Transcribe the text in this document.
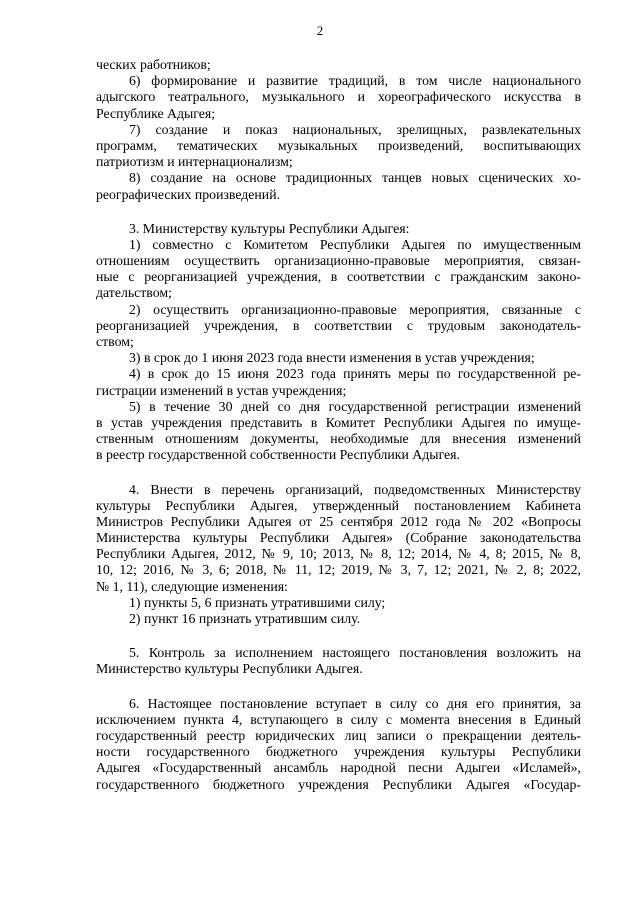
2
ческих работников;
6) формирование и развитие традиций, в том числе национального
адыгского театрального, музыкального и хореографического искусства в
Республике Адыгея;
7) создание и показ национальных, зрелищных, развлекательных
программ, тематических музыкальных произведений, воспитывающих
патриотизм и интернационализм;
8) создание на основе традиционных танцев новых сценических хо-
реографических произведений.
3. Министерству культуры Республики Адыгея:
1) совместно с Комитетом Республики Адыгея по имущественным
отношениям осуществить организационно-правовые мероприятия, связан-
ные с реорганизацией учреждения, в соответствии с гражданским законо-
дательством;
2) осуществить организационно-правовые мероприятия, связанные с
реорганизацией учреждения, в соответствии с трудовым законодатель-
ством;
3) в срок до 1 июня 2023 года внести изменения в устав учреждения;
4) в срок до 15 июня 2023 года принять меры по государственной ре-
гистрации изменений в устав учреждения;
5) в течение 30 дней со дня государственной регистрации изменений
в устав учреждения представить в Комитет Республики Адыгея по имуще-
ственным отношениям документы, необходимые для внесения изменений
в реестр государственной собственности Республики Адыгея.
4. Внести в перечень организаций, подведомственных Министерству
культуры Республики Адыгея, утвержденный постановлением Кабинета
Министров Республики Адыгея от 25 сентября 2012 года № 202 «Вопросы
Министерства культуры Республики Адыгея» (Собрание законодательства
Республики Адыгея, 2012, № 9, 10; 2013, № 8, 12; 2014, № 4, 8; 2015, № 8,
10, 12; 2016, № 3, 6; 2018, № 11, 12; 2019, № 3, 7, 12; 2021, № 2, 8; 2022,
№ 1, 11), следующие изменения:
1) пункты 5, 6 признать утратившими силу;
2) пункт 16 признать утратившим силу.
5. Контроль за исполнением настоящего постановления возложить на
Министерство культуры Республики Адыгея.
6. Настоящее постановление вступает в силу со дня его принятия, за
исключением пункта 4, вступающего в силу с момента внесения в Единый
государственный реестр юридических лиц записи о прекращении деятель-
ности государственного бюджетного учреждения культуры Республики
Адыгея «Государственный ансамбль народной песни Адыгеи «Исламей»,
государственного бюджетного учреждения Республики Адыгея «Государ-
